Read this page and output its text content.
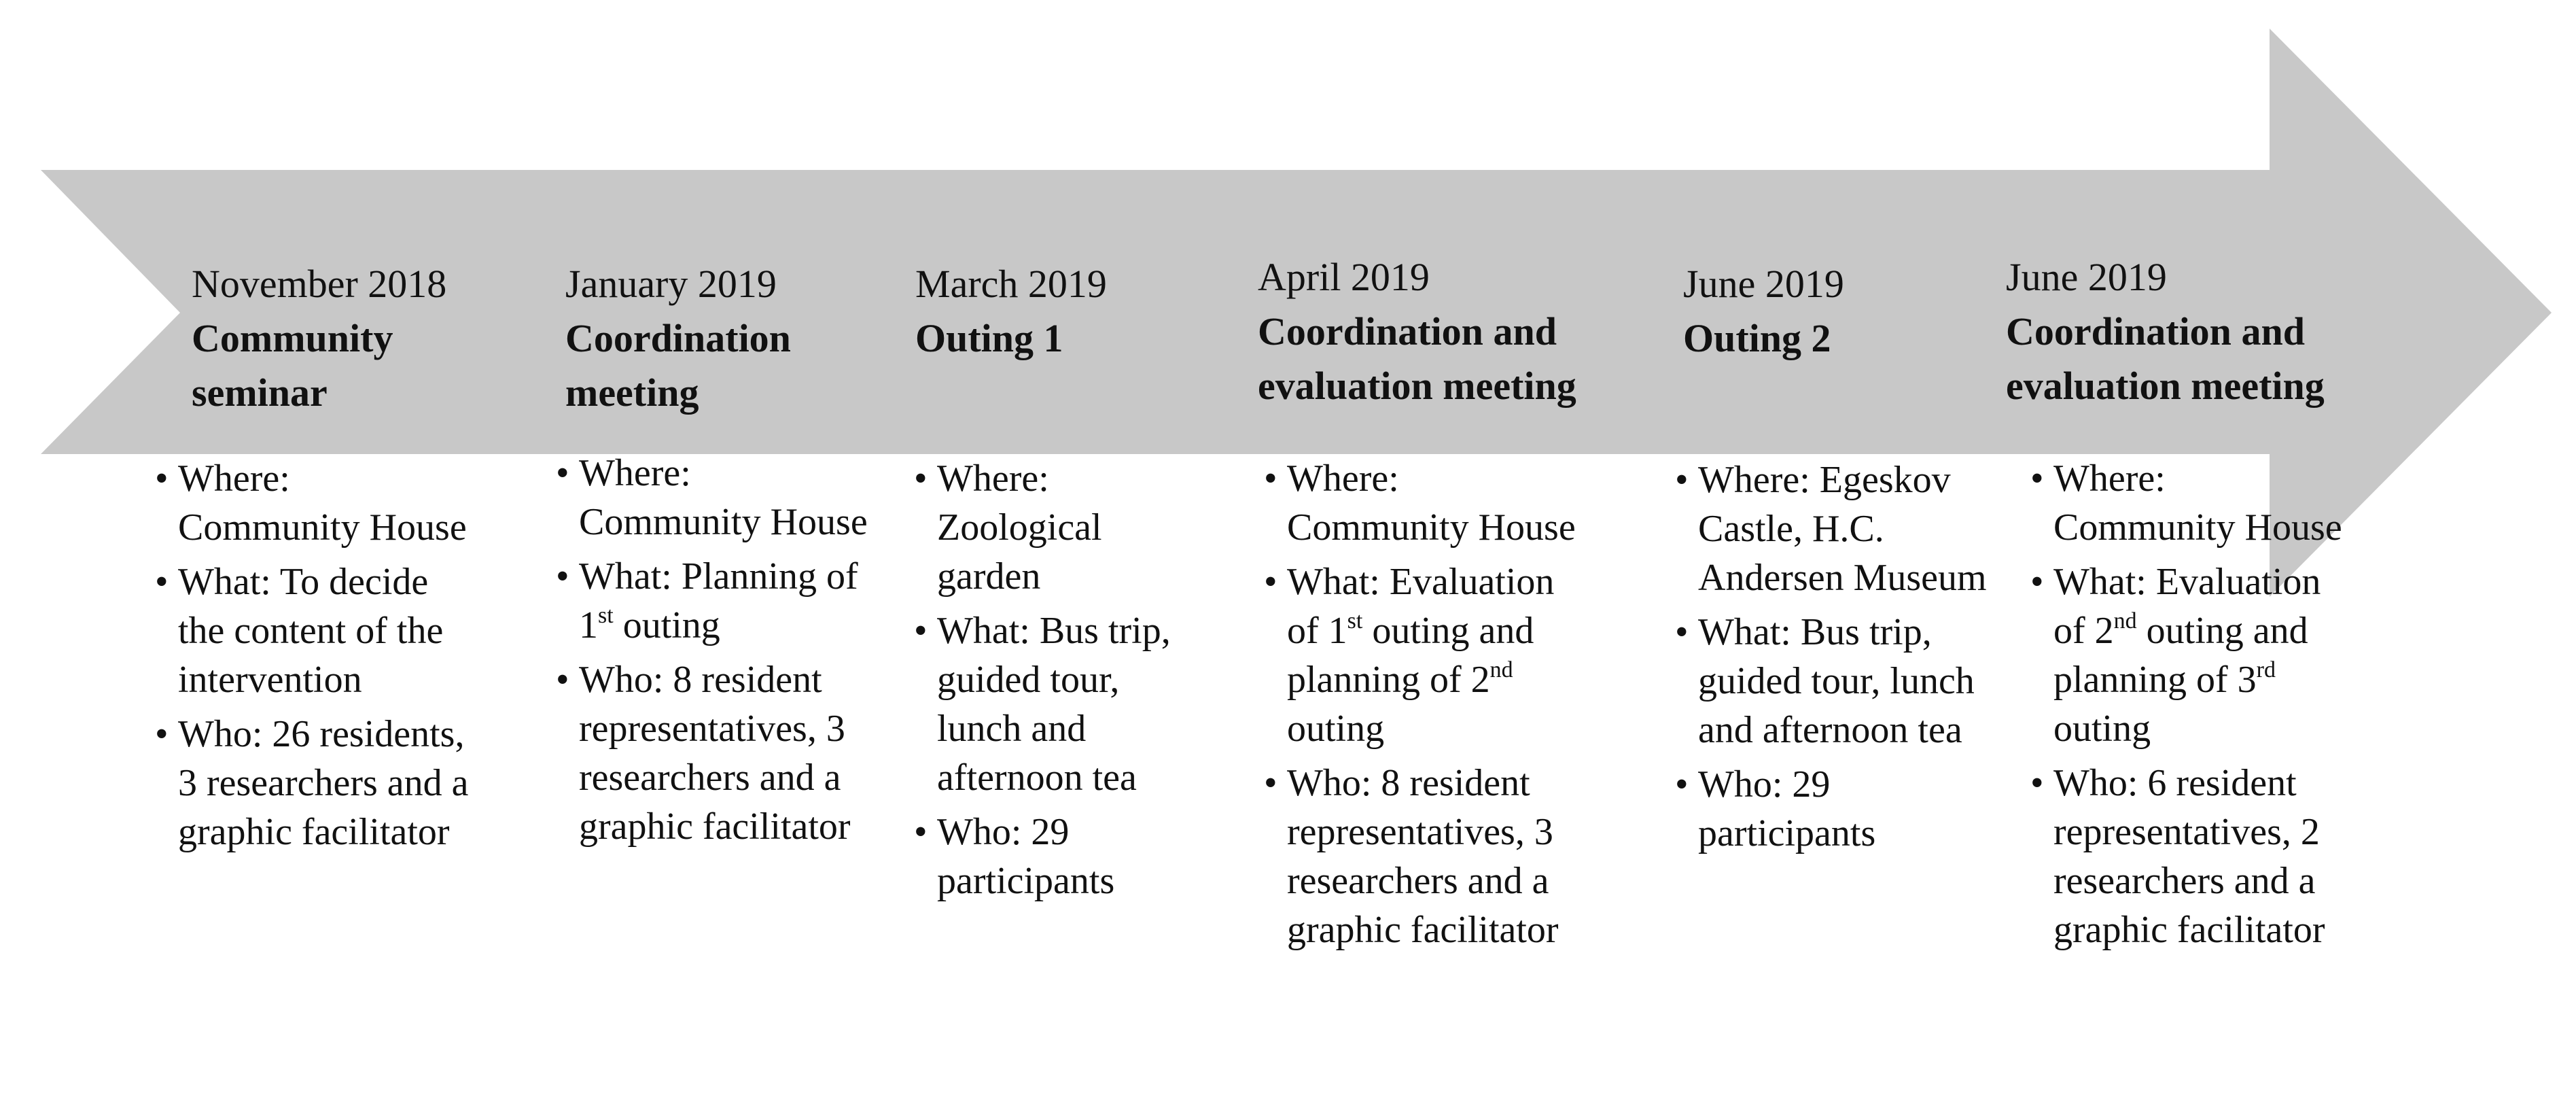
November 2018
Community seminar
• Where: Community House
• What: To decide the content of the intervention
• Who: 26 residents, 3 researchers and a graphic facilitator
January 2019
Coordination meeting
• Where: Community House
• What: Planning of 1st outing
• Who: 8 resident representatives, 3 researchers and a graphic facilitator
March 2019
Outing 1
• Where: Zoological garden
• What: Bus trip, guided tour, lunch and afternoon tea
• Who: 29 participants
April 2019
Coordination and evaluation meeting
• Where: Community House
• What: Evaluation of 1st outing and planning of 2nd outing
• Who: 8 resident representatives, 3 researchers and a graphic facilitator
June 2019
Outing 2
• Where: Egeskov Castle, H.C. Andersen Museum
• What: Bus trip, guided tour, lunch and afternoon tea
• Who: 29 participants
June 2019
Coordination and evaluation meeting
• Where: Community House
• What: Evaluation of 2nd outing and planning of 3rd outing
• Who: 6 resident representatives, 2 researchers and a graphic facilitator
